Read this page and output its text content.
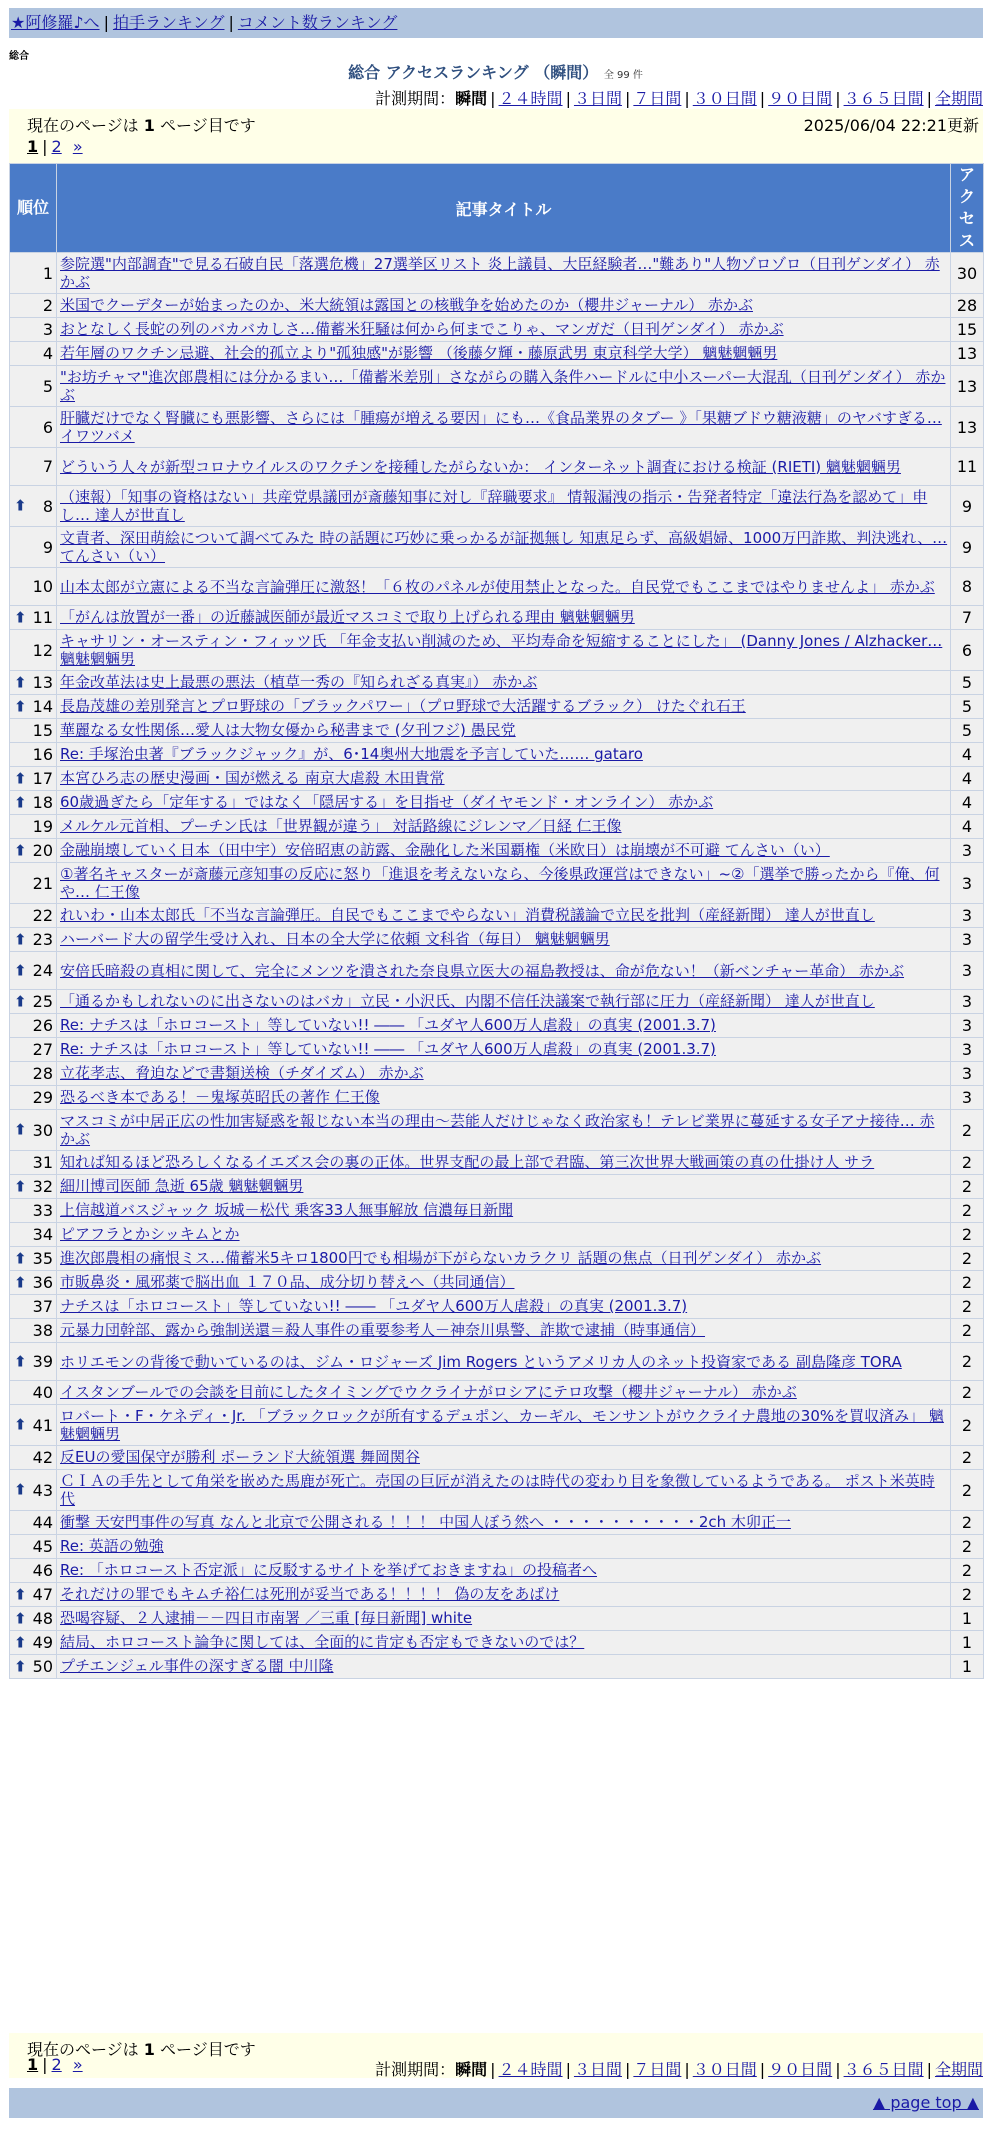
★阿修羅♪へ | 拍手ランキング | コメント数ランキング
総合
総合 アクセスランキング （瞬間） 全 99 件
計測期間：瞬間 | ２４時間 | ３日間 | ７日間 | ３０日間 | ９０日間 | ３６５日間 | 全期間
現在のページは 1 ページ目です	2025/06/04 22:21更新
1 | 2 »
順位	記事タイトル	アクセス
1	参院選"内部調査"で見る石破自民「落選危機」27選挙区リスト 炎上議員、大臣経験者…"難あり"人物ゾロゾロ（日刊ゲンダイ） 赤かぶ	30
2	米国でクーデターが始まったのか、米大統領は露国との核戦争を始めたのか（櫻井ジャーナル） 赤かぶ	28
3	おとなしく長蛇の列のバカバカしさ…備蓄米狂騒は何から何までこりゃ、マンガだ（日刊ゲンダイ） 赤かぶ	15
4	若年層のワクチン忌避、社会的孤立より"孤独感"が影響 （後藤夕輝・藤原武男 東京科学大学） 魑魅魍魎男	13
5	"お坊チャマ"進次郎農相には分かるまい…「備蓄米差別」さながらの購入条件ハードルに中小スーパー大混乱（日刊ゲンダイ） 赤かぶ	13
6	肝臓だけでなく腎臓にも悪影響、さらには「腫瘍が増える要因」にも…《食品業界のタブー 》「果糖ブドウ糖液糖」のヤバすぎる… イワツバメ	13
7	どういう人々が新型コロナウイルスのワクチンを接種したがらないか： インターネット調査における検証 (RIETI) 魑魅魍魎男	11

⬆ 8	（速報）「知事の資格はない」共産党県議団が斎藤知事に対し『辞職要求』 情報漏洩の指示・告発者特定「違法行為を認めて」申し… 達人が世直し	9
9	文責者、深田萌絵について調べてみた 時の話題に巧妙に乗っかるが証拠無し 知恵足らず、高級娼婦、1000万円詐欺、判決逃れ、… てんさい（い）	9
10	山本太郎が立憲による不当な言論弾圧に激怒！「６枚のパネルが使用禁止となった。自民党でもここまではやりませんよ」 赤かぶ	8

⬆ 11	「がんは放置が一番」の近藤誠医師が最近マスコミで取り上げられる理由 魑魅魍魎男	7
12	キャサリン・オースティン・フィッツ氏 「年金支払い削減のため、平均寿命を短縮することにした」 (Danny Jones / Alzhacker… 魑魅魍魎男	6

⬆ 13	年金改革法は史上最悪の悪法（植草一秀の『知られざる真実』） 赤かぶ	5

⬆ 14	長島茂雄の差別発言とプロ野球の「ブラックパワー」（プロ野球で大活躍するブラック） けたぐれ石王	5
15	華麗なる女性関係…愛人は大物女優から秘書まで (夕刊フジ) 愚民党	5
16	Re: 手塚治虫著『ブラックジャック』が、6･14奥州大地震を予言していた…… gataro	4

⬆ 17	本宮ひろ志の歴史漫画・国が燃える 南京大虐殺 木田貴常	4

⬆ 18	60歳過ぎたら「定年する」ではなく「隠居する」を目指せ（ダイヤモンド・オンライン） 赤かぶ	4
19	メルケル元首相、プーチン氏は「世界観が違う」 対話路線にジレンマ／日経 仁王像	4

⬆ 20	金融崩壊していく日本（田中宇）安倍昭恵の訪露、金融化した米国覇権（米欧日）は崩壊が不可避 てんさい（い）	3
21	①著名キャスターが斎藤元彦知事の反応に怒り「進退を考えないなら、今後県政運営はできない」~②「選挙で勝ったから『俺、何や… 仁王像	3
22	れいわ・山本太郎氏「不当な言論弾圧。自民でもここまでやらない」消費税議論で立民を批判（産経新聞） 達人が世直し	3

⬆ 23	ハーバード大の留学生受け入れ、日本の全大学に依頼 文科省（毎日） 魑魅魍魎男	3

⬆ 24	安倍氏暗殺の真相に関して、完全にメンツを潰された奈良県立医大の福島教授は、命が危ない！（新ベンチャー革命） 赤かぶ	3

⬆ 25	「通るかもしれないのに出さないのはバカ」立民・小沢氏、内閣不信任決議案で執行部に圧力（産経新聞） 達人が世直し	3
26	Re: ナチスは「ホロコースト」等していない!! ―― 「ユダヤ人600万人虐殺」の真実 (2001.3.7)	3
27	Re: ナチスは「ホロコースト」等していない!! ―― 「ユダヤ人600万人虐殺」の真実 (2001.3.7)	3
28	立花孝志、脅迫などで書類送検（チダイズム） 赤かぶ	3
29	恐るべき本である！－鬼塚英昭氏の著作 仁王像	3

⬆ 30	マスコミが中居正広の性加害疑惑を報じない本当の理由〜芸能人だけじゃなく政治家も！テレビ業界に蔓延する女子アナ接待… 赤かぶ	2
31	知れば知るほど恐ろしくなるイエズス会の裏の正体。世界支配の最上部で君臨、第三次世界大戦画策の真の仕掛け人 サラ	2

⬆ 32	細川博司医師 急逝 65歳 魑魅魍魎男	2
33	上信越道バスジャック 坂城－松代 乗客33人無事解放 信濃毎日新聞	2
34	ピアフラとかシッキムとか	2

⬆ 35	進次郎農相の痛恨ミス…備蓄米5キロ1800円でも相場が下がらないカラクリ 話題の焦点（日刊ゲンダイ） 赤かぶ	2

⬆ 36	市販鼻炎・風邪薬で脳出血 １７０品、成分切り替えへ（共同通信）	2
37	ナチスは「ホロコースト」等していない!! ―― 「ユダヤ人600万人虐殺」の真実 (2001.3.7)	2
38	元暴力団幹部、露から強制送還＝殺人事件の重要参考人－神奈川県警、詐欺で逮捕（時事通信）	2

⬆ 39	ホリエモンの背後で動いているのは、ジム・ロジャーズ Jim Rogers というアメリカ人のネット投資家である 副島隆彦 TORA	2
40	イスタンブールでの会談を目前にしたタイミングでウクライナがロシアにテロ攻撃（櫻井ジャーナル） 赤かぶ	2

⬆ 41	ロバート・F・ケネディ・Jr. 「ブラックロックが所有するデュポン、カーギル、モンサントがウクライナ農地の30%を買収済み」 魑魅魍魎男	2
42	反EUの愛国保守が勝利 ポーランド大統領選 舞岡関谷	2

⬆ 43	ＣＩＡの手先として角栄を嵌めた馬鹿が死亡。売国の巨匠が消えたのは時代の変わり目を象徴しているようである。 ポスト米英時代	2
44	衝撃 天安門事件の写真 なんと北京で公開される ！！！ 中国人ぼう然へ ・・・・・・・・・・2ch 木卯正一	2
45	Re: 英語の勉強	2
46	Re: 「ホロコースト否定派」に反駁するサイトを挙げておきますね」の投稿者へ	2

⬆ 47	それだけの罪でもキムチ裕仁は死刑が妥当である！！！！ 偽の友をあばけ	2

⬆ 48	恐喝容疑、２人逮捕－－四日市南署 ／三重 [毎日新聞] white	1

⬆ 49	結局、ホロコースト論争に関しては、全面的に肯定も否定もできないのでは？	1

⬆ 50	プチエンジェル事件の深すぎる闇 中川隆	1
現在のページは 1 ページ目です
1 | 2 »	計測期間：瞬間 | ２４時間 | ３日間 | ７日間 | ３０日間 | ９０日間 | ３６５日間 | 全期間
▲ page top ▲
